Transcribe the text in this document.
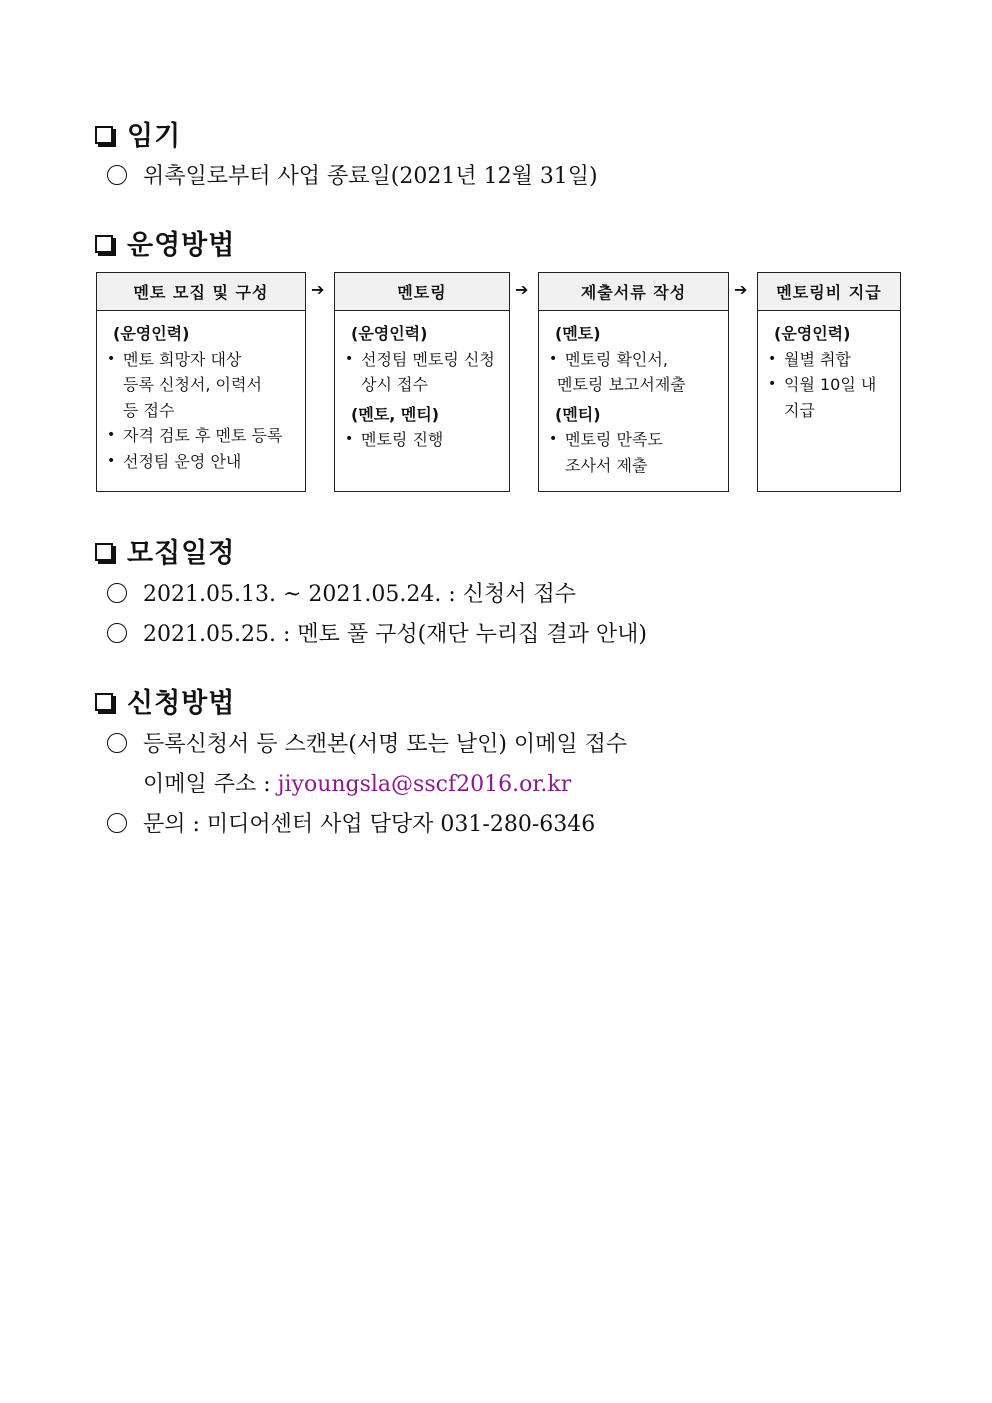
임기
위촉일로부터 사업 종료일(2021년 12월 31일)
운영방법
멘토 모집 및 구성
(운영인력)
• 멘토 희망자 대상
등록 신청서, 이력서
등 접수
• 자격 검토 후 멘토 등록
• 선정팀 운영 안내
➔	멘토링
(운영인력)
• 선정팀 멘토링 신청
상시 접수
(멘토, 멘티)
• 멘토링 진행
➔	제출서류 작성
(멘토)
• 멘토링 확인서,
멘토링 보고서제출
(멘티)
• 멘토링 만족도
조사서 제출
➔	멘토링비 지급
(운영인력)
• 월별 취합
• 익월 10일 내
지급
모집일정
2021.05.13. ~ 2021.05.24. : 신청서 접수
2021.05.25. : 멘토 풀 구성(재단 누리집 결과 안내)
신청방법
등록신청서 등 스캔본(서명 또는 날인) 이메일 접수
이메일 주소 : jiyoungsla@sscf2016.or.kr
문의 : 미디어센터 사업 담당자 031-280-6346
